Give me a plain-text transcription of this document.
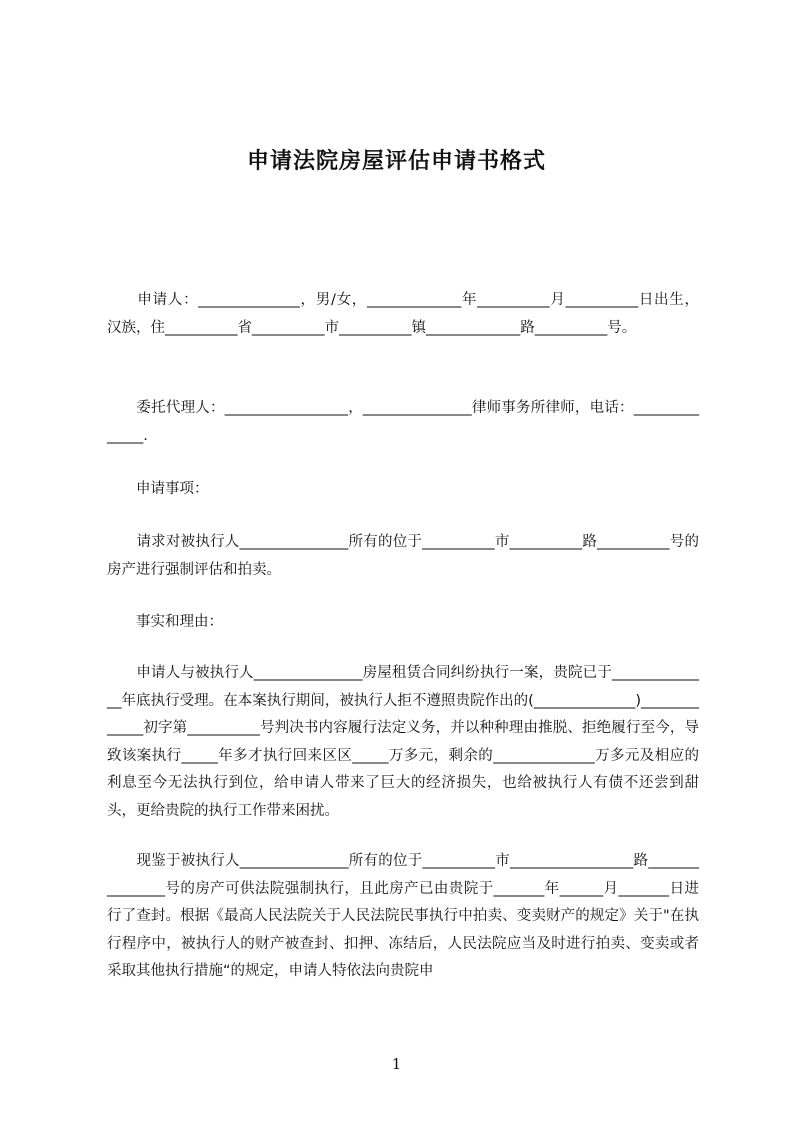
申请法院房屋评估申请书格式

　　申请人：______________，男/女，_____________年__________月__________日出生，汉族，住__________省__________市__________镇_____________路__________号。

　　委托代理人：_________________，_______________律师事务所律师，电话：______________.

　　申请事项：

　　请求对被执行人_______________所有的位于__________市__________路__________号的房产进行强制评估和拍卖。

　　事实和理由：

　　申请人与被执行人_______________房屋租赁合同纠纷执行一案，贵院已于______________年底执行受理。在本案执行期间，被执行人拒不遵照贵院作出的(______________)_____________初字第__________号判决书内容履行法定义务，并以种种理由推脱、拒绝履行至今，导致该案执行_____年多才执行回来区区_____万多元，剩余的______________万多元及相应的利息至今无法执行到位，给申请人带来了巨大的经济损失，也给被执行人有债不还尝到甜头，更给贵院的执行工作带来困扰。

　　现鉴于被执行人_______________所有的位于__________市_________________路_______________号的房产可供法院强制执行，且此房产已由贵院于_______年______月_______日进行了查封。根据《最高人民法院关于人民法院民事执行中拍卖、变卖财产的规定》关于"在执行程序中，被执行人的财产被查封、扣押、冻结后，人民法院应当及时进行拍卖、变卖或者采取其他执行措施“的规定，申请人特依法向贵院申

1
